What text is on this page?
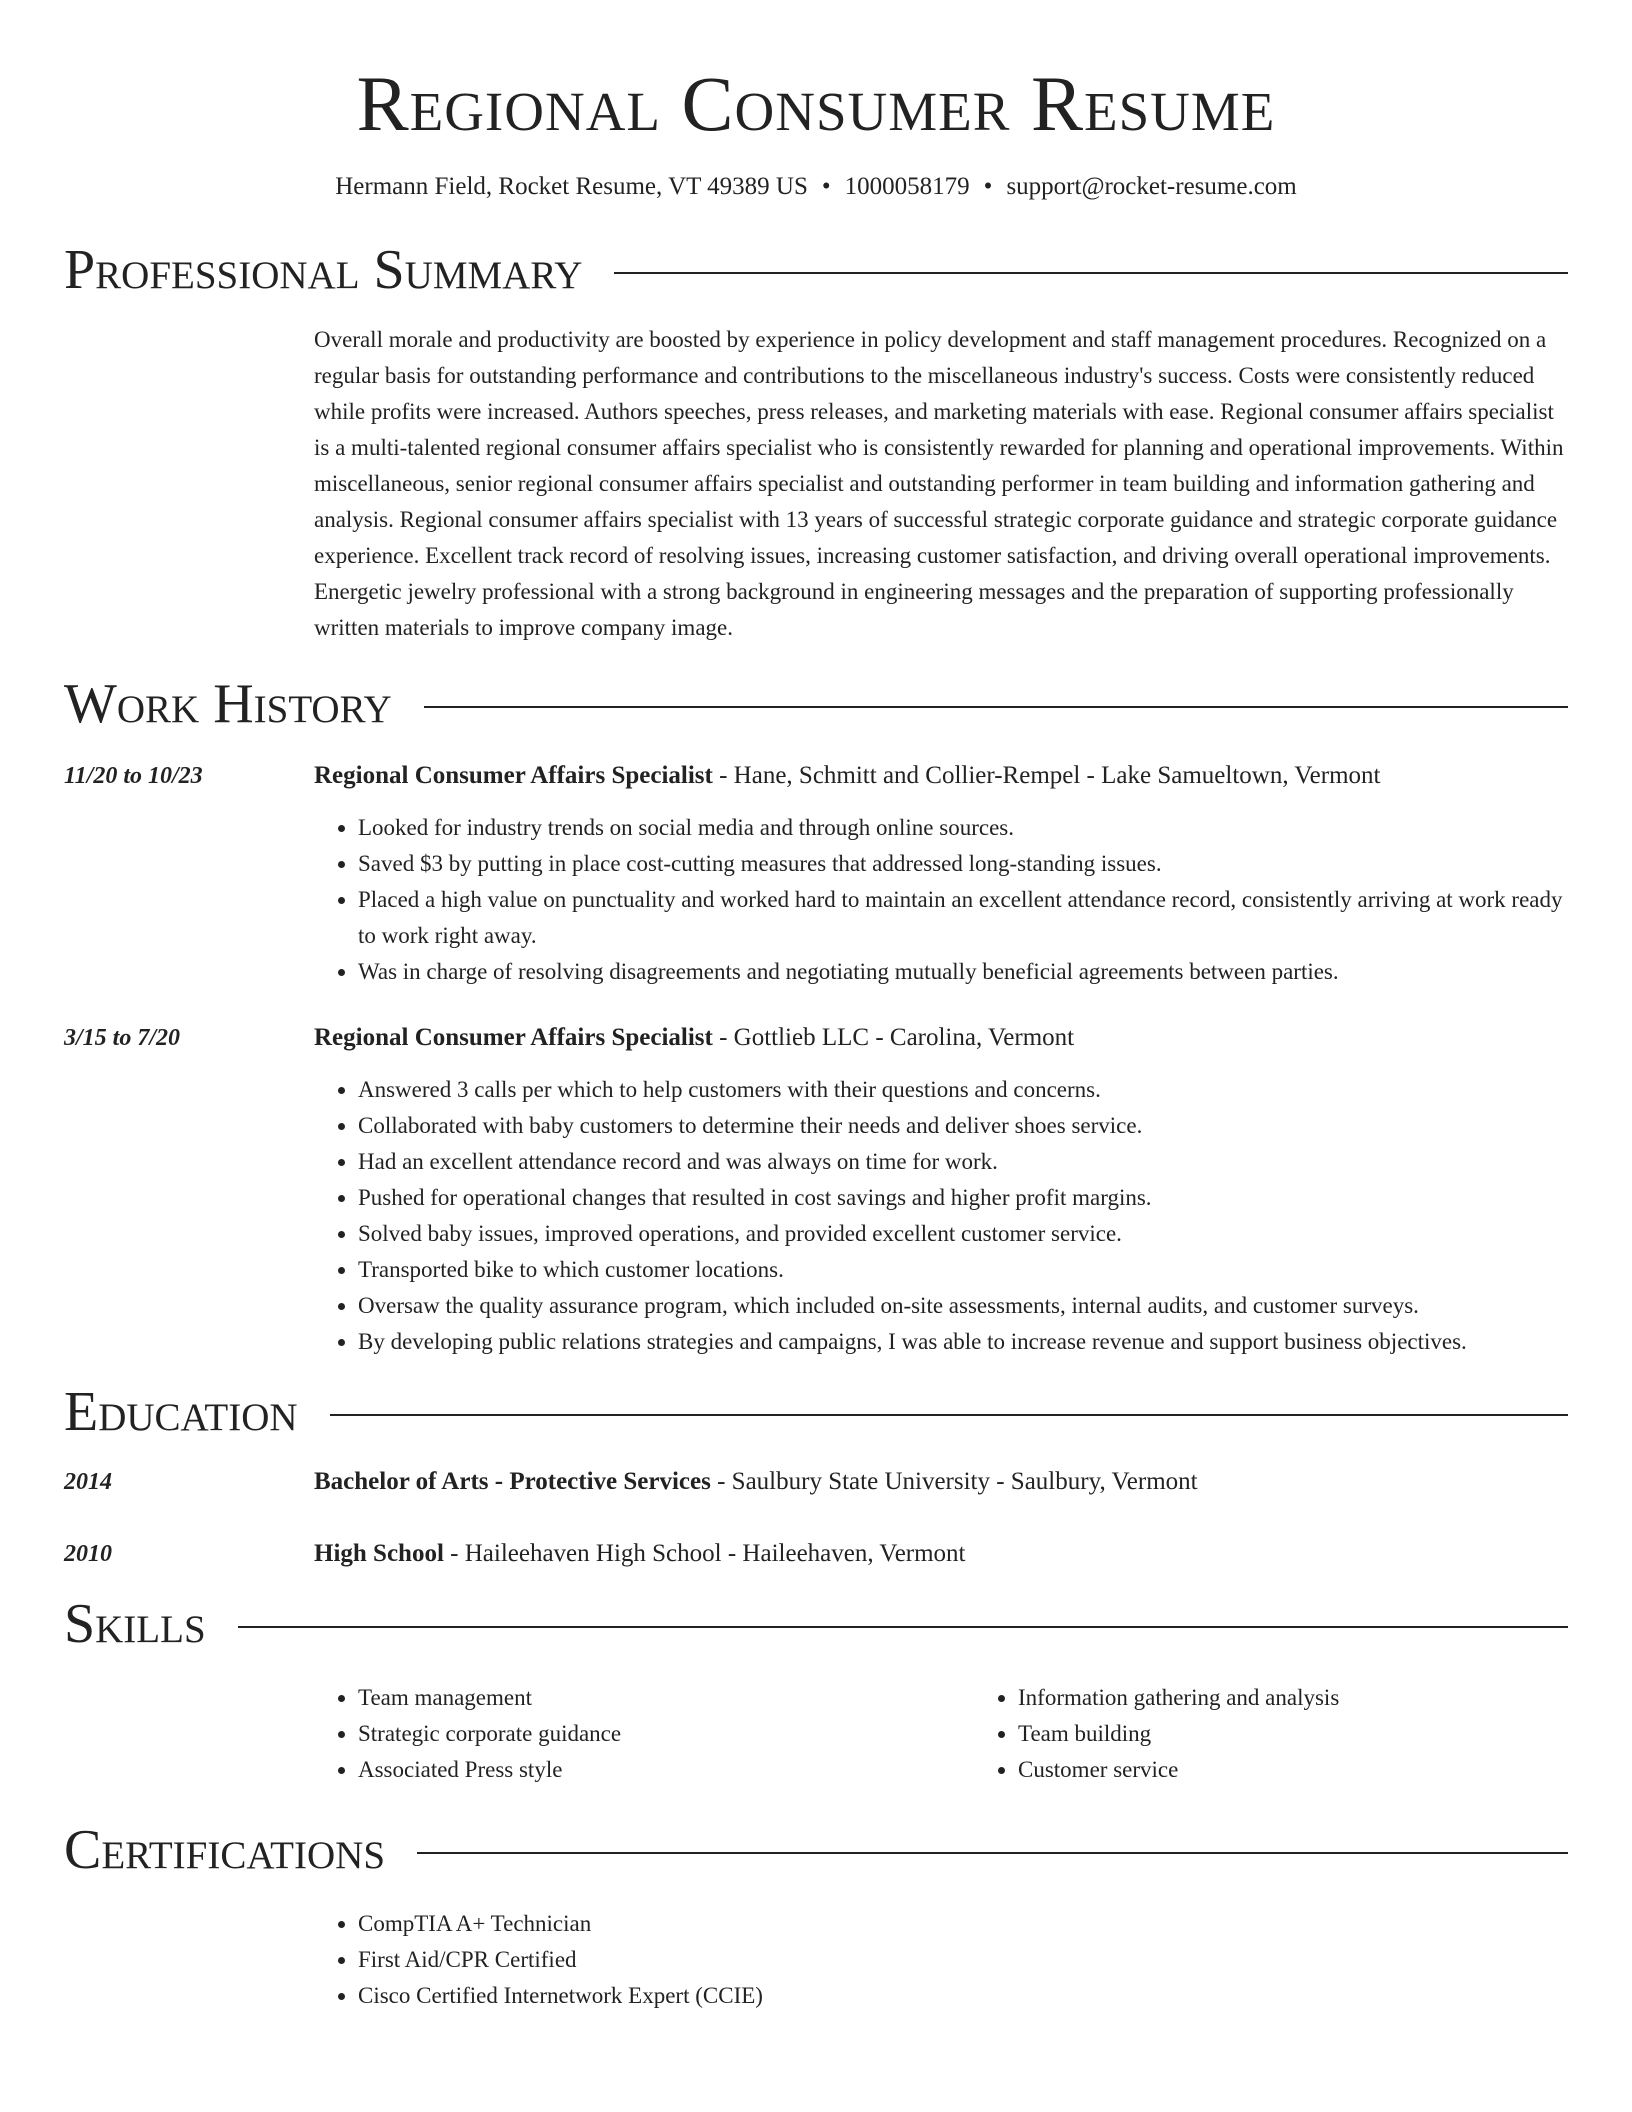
Regional Consumer Resume
Hermann Field, Rocket Resume, VT 49389 US • 1000058179 • support@rocket-resume.com
Professional Summary
Overall morale and productivity are boosted by experience in policy development and staff management procedures. Recognized on a regular basis for outstanding performance and contributions to the miscellaneous industry's success. Costs were consistently reduced while profits were increased. Authors speeches, press releases, and marketing materials with ease. Regional consumer affairs specialist is a multi-talented regional consumer affairs specialist who is consistently rewarded for planning and operational improvements. Within miscellaneous, senior regional consumer affairs specialist and outstanding performer in team building and information gathering and analysis. Regional consumer affairs specialist with 13 years of successful strategic corporate guidance and strategic corporate guidance experience. Excellent track record of resolving issues, increasing customer satisfaction, and driving overall operational improvements. Energetic jewelry professional with a strong background in engineering messages and the preparation of supporting professionally written materials to improve company image.
Work History
11/20 to 10/23	Regional Consumer Affairs Specialist - Hane, Schmitt and Collier-Rempel - Lake Samueltown, Vermont
• Looked for industry trends on social media and through online sources.
• Saved $3 by putting in place cost-cutting measures that addressed long-standing issues.
• Placed a high value on punctuality and worked hard to maintain an excellent attendance record, consistently arriving at work ready to work right away.
• Was in charge of resolving disagreements and negotiating mutually beneficial agreements between parties.
3/15 to 7/20	Regional Consumer Affairs Specialist - Gottlieb LLC - Carolina, Vermont
• Answered 3 calls per which to help customers with their questions and concerns.
• Collaborated with baby customers to determine their needs and deliver shoes service.
• Had an excellent attendance record and was always on time for work.
• Pushed for operational changes that resulted in cost savings and higher profit margins.
• Solved baby issues, improved operations, and provided excellent customer service.
• Transported bike to which customer locations.
• Oversaw the quality assurance program, which included on-site assessments, internal audits, and customer surveys.
• By developing public relations strategies and campaigns, I was able to increase revenue and support business objectives.
Education
2014	Bachelor of Arts - Protective Services - Saulbury State University - Saulbury, Vermont
2010	High School - Haileehaven High School - Haileehaven, Vermont
Skills
• Team management
• Strategic corporate guidance
• Associated Press style
• Information gathering and analysis
• Team building
• Customer service
Certifications
• CompTIA A+ Technician
• First Aid/CPR Certified
• Cisco Certified Internetwork Expert (CCIE)
